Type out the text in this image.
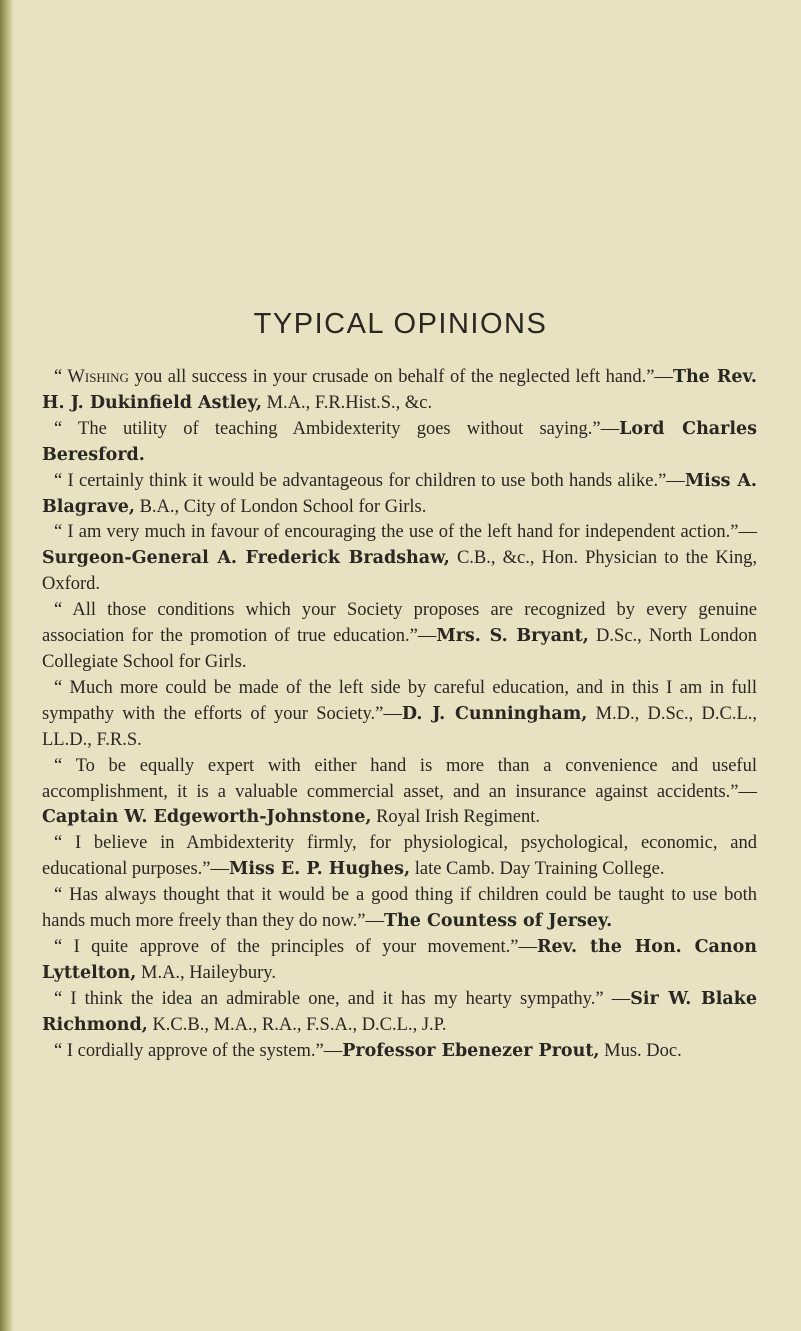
TYPICAL OPINIONS

“ Wishing you all success in your crusade on behalf of the neglected left hand.”—The Rev. H. J. Dukinfield Astley, M.A., F.R.Hist.S., &c.

“ The utility of teaching Ambidexterity goes without saying.”—Lord Charles Beresford.

“ I certainly think it would be advantageous for children to use both hands alike.”—Miss A. Blagrave, B.A., City of London School for Girls.

“ I am very much in favour of encouraging the use of the left hand for independent action.”—Surgeon-General A. Frederick Bradshaw, C.B., &c., Hon. Physician to the King, Oxford.

“ All those conditions which your Society proposes are recognized by every genuine association for the promotion of true education.”—Mrs. S. Bryant, D.Sc., North London Collegiate School for Girls.

“ Much more could be made of the left side by careful education, and in this I am in full sympathy with the efforts of your Society.”—D. J. Cunningham, M.D., D.Sc., D.C.L., LL.D., F.R.S.

“ To be equally expert with either hand is more than a convenience and useful accomplishment, it is a valuable commercial asset, and an insurance against accidents.”—Captain W. Edgeworth-Johnstone, Royal Irish Regiment.

“ I believe in Ambidexterity firmly, for physiological, psychological, economic, and educational purposes.”—Miss E. P. Hughes, late Camb. Day Training College.

“ Has always thought that it would be a good thing if children could be taught to use both hands much more freely than they do now.”—The Countess of Jersey.

“ I quite approve of the principles of your movement.”—Rev. the Hon. Canon Lyttelton, M.A., Haileybury.

“ I think the idea an admirable one, and it has my hearty sympathy.” —Sir W. Blake Richmond, K.C.B., M.A., R.A., F.S.A., D.C.L., J.P.

“ I cordially approve of the system.”—Professor Ebenezer Prout, Mus. Doc.
